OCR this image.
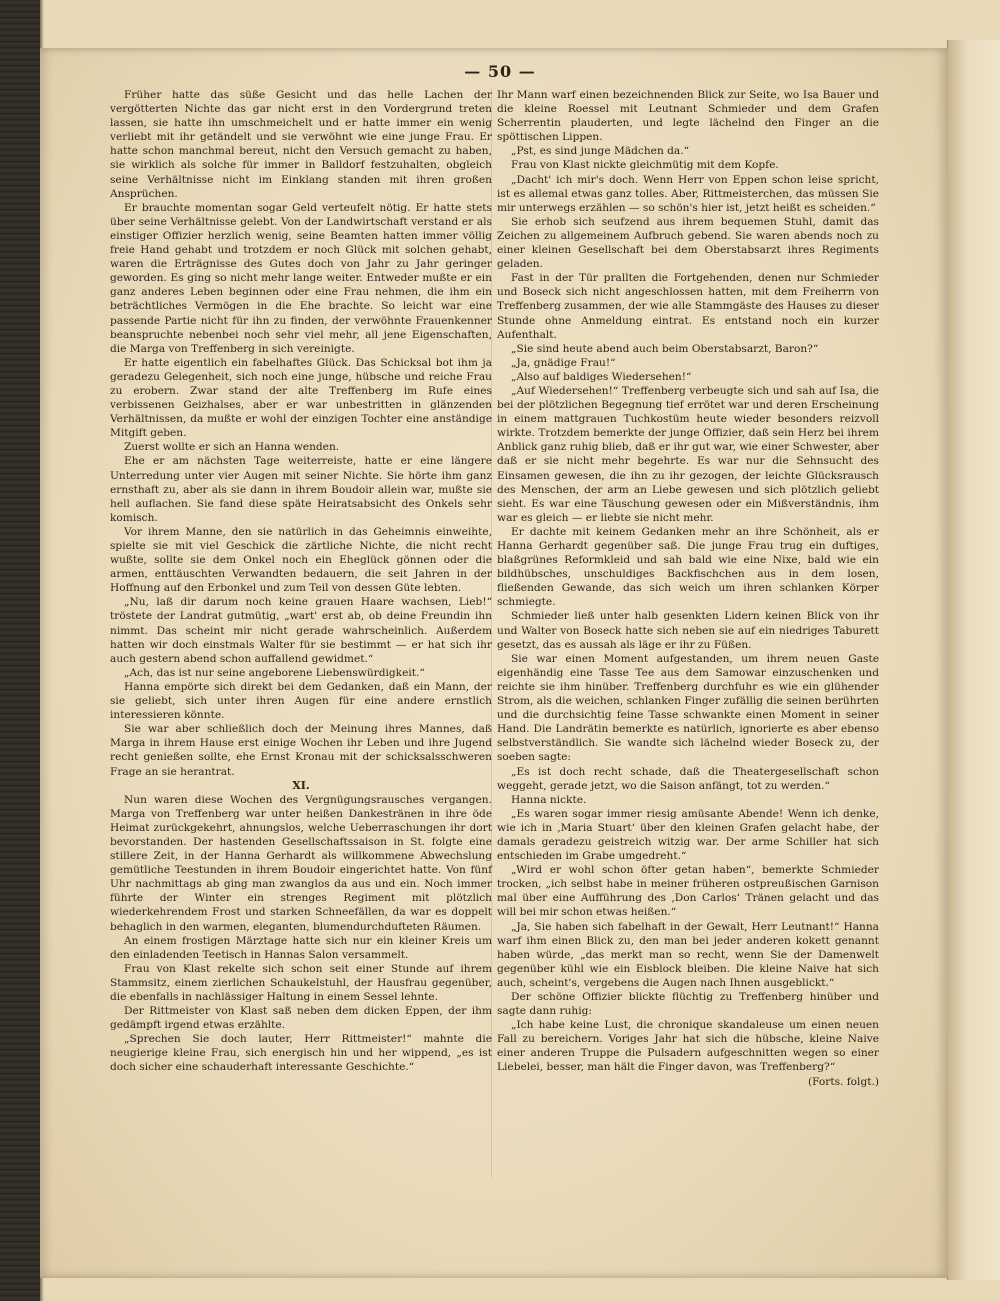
— 50 —

Früher hatte das süße Gesicht und das helle Lachen der vergötterten Nichte das gar nicht erst in den Vordergrund treten lassen, sie hatte ihn umschmeichelt und er hatte immer ein wenig verliebt mit ihr getändelt und sie verwöhnt wie eine junge Frau. Er hatte schon manchmal bereut, nicht den Versuch gemacht zu haben, sie wirklich als solche für immer in Balldorf festzuhalten, obgleich seine Verhältnisse nicht im Einklang standen mit ihren großen Ansprüchen.

Er brauchte momentan sogar Geld verteufelt nötig. Er hatte stets über seine Verhältnisse gelebt. Von der Landwirtschaft verstand er als einstiger Offizier herzlich wenig, seine Beamten hatten immer völlig freie Hand gehabt und trotzdem er noch Glück mit solchen gehabt, waren die Erträgnisse des Gutes doch von Jahr zu Jahr geringer geworden. Es ging so nicht mehr lange weiter. Entweder mußte er ein ganz anderes Leben beginnen oder eine Frau nehmen, die ihm ein beträchtliches Vermögen in die Ehe brachte. So leicht war eine passende Partie nicht für ihn zu finden, der verwöhnte Frauenkenner beanspruchte nebenbei noch sehr viel mehr, all jene Eigenschaften, die Marga von Treffenberg in sich vereinigte.

Er hatte eigentlich ein fabelhaftes Glück. Das Schicksal bot ihm ja geradezu Gelegenheit, sich noch eine junge, hübsche und reiche Frau zu erobern. Zwar stand der alte Treffenberg im Rufe eines verbissenen Geizhalses, aber er war unbestritten in glänzenden Verhältnissen, da mußte er wohl der einzigen Tochter eine anständige Mitgift geben.

Zuerst wollte er sich an Hanna wenden.

Ehe er am nächsten Tage weiterreiste, hatte er eine längere Unterredung unter vier Augen mit seiner Nichte. Sie hörte ihm ganz ernsthaft zu, aber als sie dann in ihrem Boudoir allein war, mußte sie hell auflachen. Sie fand diese späte Heiratsabsicht des Onkels sehr komisch.

Vor ihrem Manne, den sie natürlich in das Geheimnis einweihte, spielte sie mit viel Geschick die zärtliche Nichte, die nicht recht wußte, sollte sie dem Onkel noch ein Eheglück gönnen oder die armen, enttäuschten Verwandten bedauern, die seit Jahren in der Hoffnung auf den Erbonkel und zum Teil von dessen Güte lebten.

„Nu, laß dir darum noch keine grauen Haare wachsen, Lieb!“ tröstete der Landrat gutmütig, „wart' erst ab, ob deine Freundin ihn nimmt. Das scheint mir nicht gerade wahrscheinlich. Außerdem hatten wir doch einstmals Walter für sie bestimmt — er hat sich ihr auch gestern abend schon auffallend gewidmet.“

„Ach, das ist nur seine angeborene Liebenswürdigkeit.“

Hanna empörte sich direkt bei dem Gedanken, daß ein Mann, der sie geliebt, sich unter ihren Augen für eine andere ernstlich interessieren könnte.

Sie war aber schließlich doch der Meinung ihres Mannes, daß Marga in ihrem Hause erst einige Wochen ihr Leben und ihre Jugend recht genießen sollte, ehe Ernst Kronau mit der schicksalsschweren Frage an sie herantrat.

XI.

Nun waren diese Wochen des Vergnügungsrausches vergangen. Marga von Treffenberg war unter heißen Dankestränen in ihre öde Heimat zurückgekehrt, ahnungslos, welche Ueberraschungen ihr dort bevorstanden. Der hastenden Gesellschaftssaison in St. folgte eine stillere Zeit, in der Hanna Gerhardt als willkommene Abwechslung gemütliche Teestunden in ihrem Boudoir eingerichtet hatte. Von fünf Uhr nachmittags ab ging man zwanglos da aus und ein. Noch immer führte der Winter ein strenges Regiment mit plötzlich wiederkehrendem Frost und starken Schneefällen, da war es doppelt behaglich in den warmen, eleganten, blumendurchdufteten Räumen.

An einem frostigen Märztage hatte sich nur ein kleiner Kreis um den einladenden Teetisch in Hannas Salon versammelt.

Frau von Klast rekelte sich schon seit einer Stunde auf ihrem Stammsitz, einem zierlichen Schaukelstuhl, der Hausfrau gegenüber, die ebenfalls in nachlässiger Haltung in einem Sessel lehnte.

Der Rittmeister von Klast saß neben dem dicken Eppen, der ihm gedämpft irgend etwas erzählte.

„Sprechen Sie doch lauter, Herr Rittmeister!“ mahnte die neugierige kleine Frau, sich energisch hin und her wippend, „es ist doch sicher eine schauderhaft interessante Geschichte.“

Ihr Mann warf einen bezeichnenden Blick zur Seite, wo Isa Bauer und die kleine Roessel mit Leutnant Schmieder und dem Grafen Scherrentin plauderten, und legte lächelnd den Finger an die spöttischen Lippen.

„Pst, es sind junge Mädchen da.“

Frau von Klast nickte gleichmütig mit dem Kopfe.

„Dacht' ich mir's doch. Wenn Herr von Eppen schon leise spricht, ist es allemal etwas ganz tolles. Aber, Rittmeisterchen, das müssen Sie mir unterwegs erzählen — so schön's hier ist, jetzt heißt es scheiden.“

Sie erhob sich seufzend aus ihrem bequemen Stuhl, damit das Zeichen zu allgemeinem Aufbruch gebend. Sie waren abends noch zu einer kleinen Gesellschaft bei dem Oberstabsarzt ihres Regiments geladen.

Fast in der Tür prallten die Fortgehenden, denen nur Schmieder und Boseck sich nicht angeschlossen hatten, mit dem Freiherrn von Treffenberg zusammen, der wie alle Stammgäste des Hauses zu dieser Stunde ohne Anmeldung eintrat. Es entstand noch ein kurzer Aufenthalt.

„Sie sind heute abend auch beim Oberstabsarzt, Baron?“

„Ja, gnädige Frau!“

„Also auf baldiges Wiedersehen!“

„Auf Wiedersehen!“ Treffenberg verbeugte sich und sah auf Isa, die bei der plötzlichen Begegnung tief errötet war und deren Erscheinung in einem mattgrauen Tuchkostüm heute wieder besonders reizvoll wirkte. Trotzdem bemerkte der junge Offizier, daß sein Herz bei ihrem Anblick ganz ruhig blieb, daß er ihr gut war, wie einer Schwester, aber daß er sie nicht mehr begehrte. Es war nur die Sehnsucht des Einsamen gewesen, die ihn zu ihr gezogen, der leichte Glücksrausch des Menschen, der arm an Liebe gewesen und sich plötzlich geliebt sieht. Es war eine Täuschung gewesen oder ein Mißverständnis, ihm war es gleich — er liebte sie nicht mehr.

Er dachte mit keinem Gedanken mehr an ihre Schönheit, als er Hanna Gerhardt gegenüber saß. Die junge Frau trug ein duftiges, blaßgrünes Reformkleid und sah bald wie eine Nixe, bald wie ein bildhübsches, unschuldiges Backfischchen aus in dem losen, fließenden Gewande, das sich weich um ihren schlanken Körper schmiegte.

Schmieder ließ unter halb gesenkten Lidern keinen Blick von ihr und Walter von Boseck hatte sich neben sie auf ein niedriges Taburett gesetzt, das es aussah als läge er ihr zu Füßen.

Sie war einen Moment aufgestanden, um ihrem neuen Gaste eigenhändig eine Tasse Tee aus dem Samowar einzuschenken und reichte sie ihm hinüber. Treffenberg durchfuhr es wie ein glühender Strom, als die weichen, schlanken Finger zufällig die seinen berührten und die durchsichtig feine Tasse schwankte einen Moment in seiner Hand. Die Landrätin bemerkte es natürlich, ignorierte es aber ebenso selbstverständlich. Sie wandte sich lächelnd wieder Boseck zu, der soeben sagte:

„Es ist doch recht schade, daß die Theatergesellschaft schon weggeht, gerade jetzt, wo die Saison anfängt, tot zu werden.“

Hanna nickte.

„Es waren sogar immer riesig amüsante Abende! Wenn ich denke, wie ich in ‚Maria Stuart‘ über den kleinen Grafen gelacht habe, der damals geradezu geistreich witzig war. Der arme Schiller hat sich entschieden im Grabe umgedreht.“

„Wird er wohl schon öfter getan haben“, bemerkte Schmieder trocken, „ich selbst habe in meiner früheren ostpreußischen Garnison mal über eine Aufführung des ‚Don Carlos‘ Tränen gelacht und das will bei mir schon etwas heißen.“

„Ja, Sie haben sich fabelhaft in der Gewalt, Herr Leutnant!“ Hanna warf ihm einen Blick zu, den man bei jeder anderen kokett genannt haben würde, „das merkt man so recht, wenn Sie der Damenwelt gegenüber kühl wie ein Eisblock bleiben. Die kleine Naive hat sich auch, scheint's, vergebens die Augen nach Ihnen ausgeblickt.“

Der schöne Offizier blickte flüchtig zu Treffenberg hinüber und sagte dann ruhig:

„Ich habe keine Lust, die chronique skandaleuse um einen neuen Fall zu bereichern. Voriges Jahr hat sich die hübsche, kleine Naive einer anderen Truppe die Pulsadern aufgeschnitten wegen so einer Liebelei, besser, man hält die Finger davon, was Treffenberg?“

(Forts. folgt.)
